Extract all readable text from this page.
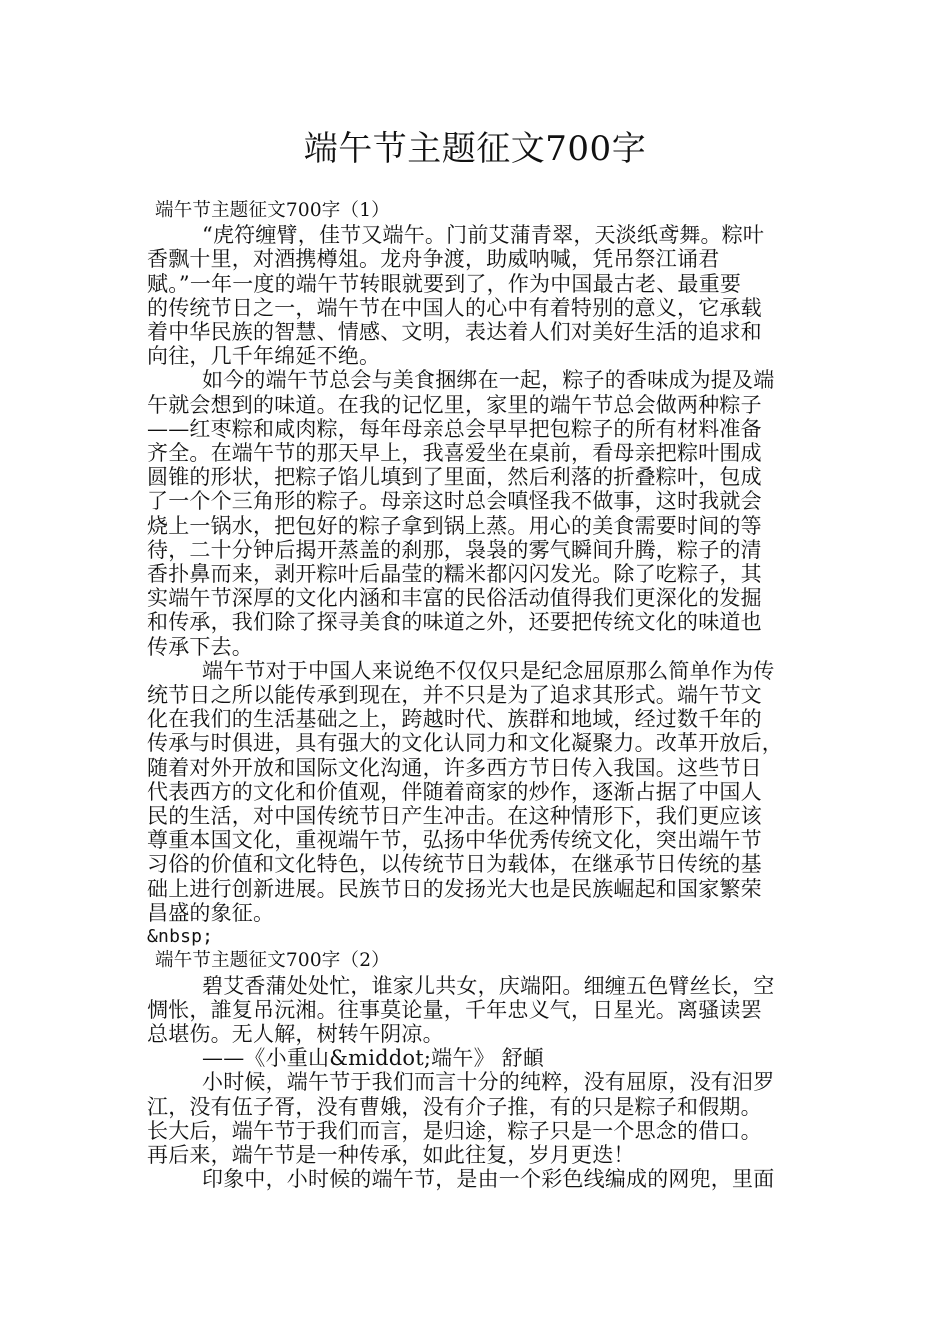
端午节主题征文700字
端午节主题征文700字（1）
“虎符缠臂，佳节又端午。门前艾蒲青翠，天淡纸鸢舞。粽叶
香飘十里，对酒携樽俎。龙舟争渡，助威呐喊，凭吊祭江诵君
赋。”一年一度的端午节转眼就要到了，作为中国最古老、最重要
的传统节日之一，端午节在中国人的心中有着特别的意义，它承载
着中华民族的智慧、情感、文明，表达着人们对美好生活的追求和
向往，几千年绵延不绝。
如今的端午节总会与美食捆绑在一起，粽子的香味成为提及端
午就会想到的味道。在我的记忆里，家里的端午节总会做两种粽子
——红枣粽和咸肉粽，每年母亲总会早早把包粽子的所有材料准备
齐全。在端午节的那天早上，我喜爱坐在桌前，看母亲把粽叶围成
圆锥的形状，把粽子馅儿填到了里面，然后利落的折叠粽叶，包成
了一个个三角形的粽子。母亲这时总会嗔怪我不做事，这时我就会
烧上一锅水，把包好的粽子拿到锅上蒸。用心的美食需要时间的等
待，二十分钟后揭开蒸盖的刹那，袅袅的雾气瞬间升腾，粽子的清
香扑鼻而来，剥开粽叶后晶莹的糯米都闪闪发光。除了吃粽子，其
实端午节深厚的文化内涵和丰富的民俗活动值得我们更深化的发掘
和传承，我们除了探寻美食的味道之外，还要把传统文化的味道也
传承下去。
端午节对于中国人来说绝不仅仅只是纪念屈原那么简单作为传
统节日之所以能传承到现在，并不只是为了追求其形式。端午节文
化在我们的生活基础之上，跨越时代、族群和地域，经过数千年的
传承与时俱进，具有强大的文化认同力和文化凝聚力。改革开放后，
随着对外开放和国际文化沟通，许多西方节日传入我国。这些节日
代表西方的文化和价值观，伴随着商家的炒作，逐渐占据了中国人
民的生活，对中国传统节日产生冲击。在这种情形下，我们更应该
尊重本国文化，重视端午节，弘扬中华优秀传统文化，突出端午节
习俗的价值和文化特色，以传统节日为载体，在继承节日传统的基
础上进行创新进展。民族节日的发扬光大也是民族崛起和国家繁荣
昌盛的象征。
&nbsp;
端午节主题征文700字（2）
碧艾香蒲处处忙，谁家儿共女，庆端阳。细缠五色臂丝长，空
惆怅，誰复吊沅湘。往事莫论量，千年忠义气，日星光。离骚读罢
总堪伤。无人解，树转午阴凉。
——《小重山&middot;端午》 舒頔
小时候，端午节于我们而言十分的纯粹，没有屈原，没有汨罗
江，没有伍子胥，没有曹娥，没有介子推，有的只是粽子和假期。
长大后，端午节于我们而言，是归途，粽子只是一个思念的借口。
再后来，端午节是一种传承，如此往复，岁月更迭！
印象中，小时候的端午节，是由一个彩色线编成的网兜，里面
